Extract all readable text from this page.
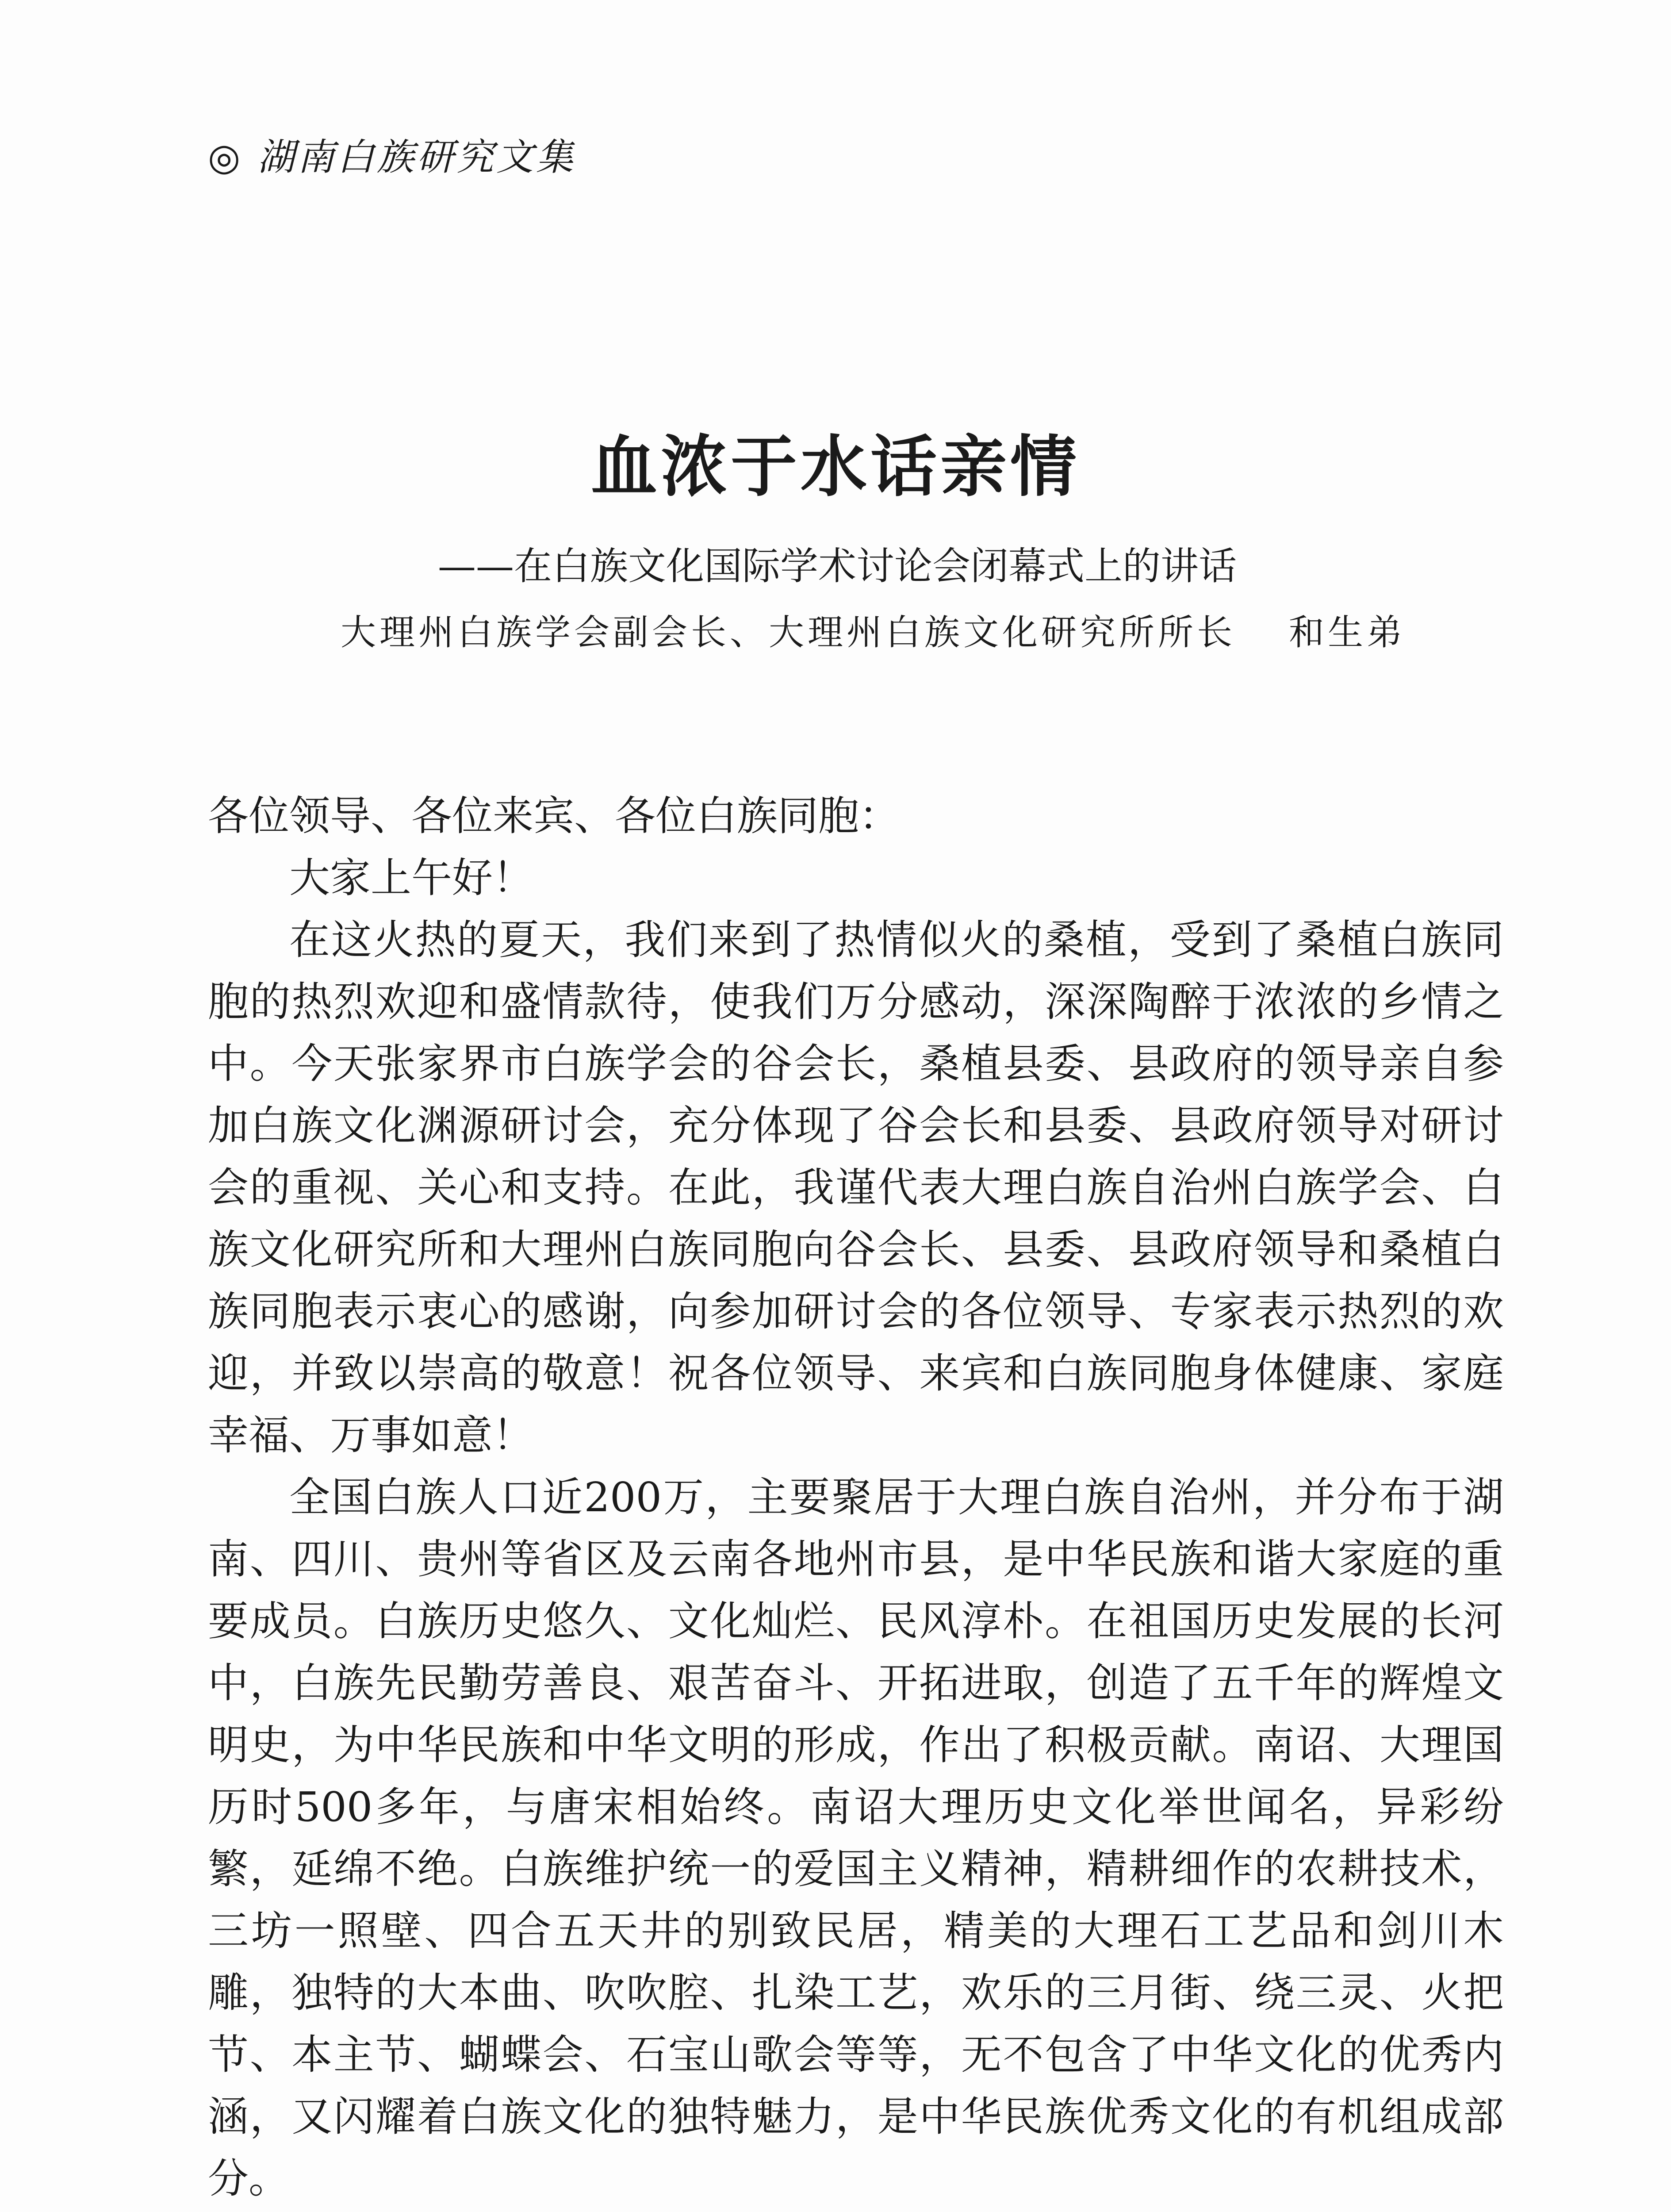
◎ 湖南白族研究文集
血浓于水话亲情
——在白族文化国际学术讨论会闭幕式上的讲话
大理州白族学会副会长、大理州白族文化研究所所长 和生弟

各位领导、各位来宾、各位白族同胞：

大家上午好！

在这火热的夏天，我们来到了热情似火的桑植，受到了桑植白族同胞的热烈欢迎和盛情款待，使我们万分感动，深深陶醉于浓浓的乡情之中。今天张家界市白族学会的谷会长，桑植县委、县政府的领导亲自参加白族文化渊源研讨会，充分体现了谷会长和县委、县政府领导对研讨会的重视、关心和支持。在此，我谨代表大理白族自治州白族学会、白族文化研究所和大理州白族同胞向谷会长、县委、县政府领导和桑植白族同胞表示衷心的感谢，向参加研讨会的各位领导、专家表示热烈的欢迎，并致以崇高的敬意！祝各位领导、来宾和白族同胞身体健康、家庭幸福、万事如意！

全国白族人口近200万，主要聚居于大理白族自治州，并分布于湖南、四川、贵州等省区及云南各地州市县，是中华民族和谐大家庭的重要成员。白族历史悠久、文化灿烂、民风淳朴。在祖国历史发展的长河中，白族先民勤劳善良、艰苦奋斗、开拓进取，创造了五千年的辉煌文明史，为中华民族和中华文明的形成，作出了积极贡献。南诏、大理国历时500多年，与唐宋相始终。南诏大理历史文化举世闻名，异彩纷繁，延绵不绝。白族维护统一的爱国主义精神，精耕细作的农耕技术，三坊一照壁、四合五天井的别致民居，精美的大理石工艺品和剑川木雕，独特的大本曲、吹吹腔、扎染工艺，欢乐的三月街、绕三灵、火把节、本主节、蝴蝶会、石宝山歌会等等，无不包含了中华文化的优秀内涵，又闪耀着白族文化的独特魅力，是中华民族优秀文化的有机组成部分。
